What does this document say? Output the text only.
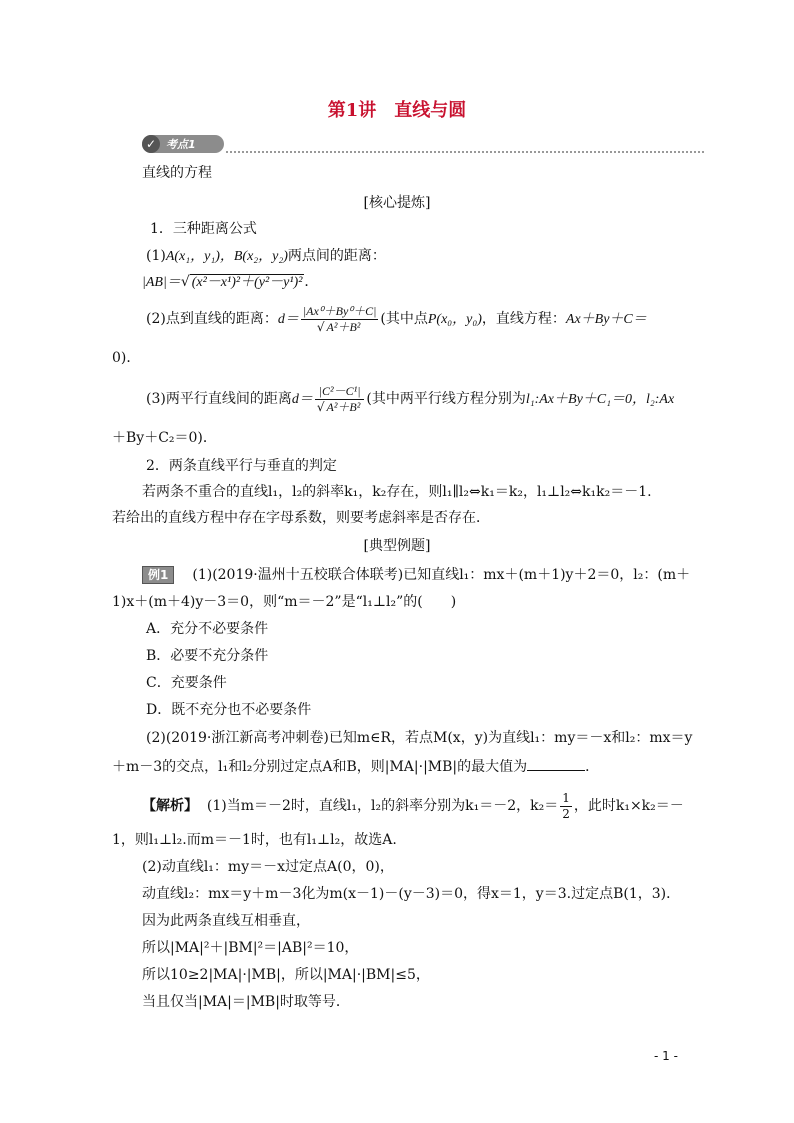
第1讲　直线与圆
✓ 考点1
直线的方程
[核心提炼]
1．三种距离公式
(1)A(x₁，y₁)，B(x₂，y₂)两点间的距离：
|AB|＝√ (x²－x¹)²＋(y²－y¹)² ．
(2)点到直线的距离：$d= \frac{\text{|Ax⁰＋By⁰＋C|}}{\text{√ A²＋B²}}$ (其中点P(x₀，y₀)，直线方程：Ax＋By＋C＝
0)．
(3)两平行直线间的距离$d= \frac{\text{|C²－C¹|}}{\text{√ A²＋B²}}$ (其中两平行线方程分别为l₁:Ax＋By＋C₁＝0，l₂:Ax
＋By＋C₂＝0)．
2．两条直线平行与垂直的判定
若两条不重合的直线l₁，l₂的斜率k₁，k₂存在，则l₁∥l₂⇔k₁＝k₂，l₁⊥l₂⇔k₁k₂＝－1.
若给出的直线方程中存在字母系数，则要考虑斜率是否存在．
[典型例题]
例1 (1)(2019·温州十五校联合体联考)已知直线l₁：mx＋(m＋1)y＋2＝0，l₂：(m＋
1)x＋(m＋4)y－3＝0，则“m＝－2”是“l₁⊥l₂”的(　　)
A．充分不必要条件
B．必要不充分条件
C．充要条件
D．既不充分也不必要条件
(2)(2019·浙江新高考冲刺卷)已知m∈R，若点M(x，y)为直线l₁：my＝－x和l₂：mx＝y
＋m－3的交点，l₁和l₂分别过定点A和B，则|MA|·|MB|的最大值为	．
【解析】 (1)当m＝－2时，直线l₁，l₂的斜率分别为k₁＝－2，$k_2= \frac{1}{2}$ ，此时k₁×k₂＝－
1，则l₁⊥l₂.而m＝－1时，也有l₁⊥l₂，故选A.
(2)动直线l₁：my＝－x过定点A(0，0)，
动直线l₂：mx＝y＋m－3化为m(x－1)－(y－3)＝0，得x＝1，y＝3.过定点B(1，3)．
因为此两条直线互相垂直，
所以|MA|²＋|BM|²＝|AB|²＝10，
所以10≥2|MA|·|MB|，所以|MA|·|BM|≤5，
当且仅当|MA|＝|MB|时取等号．
- 1 -
